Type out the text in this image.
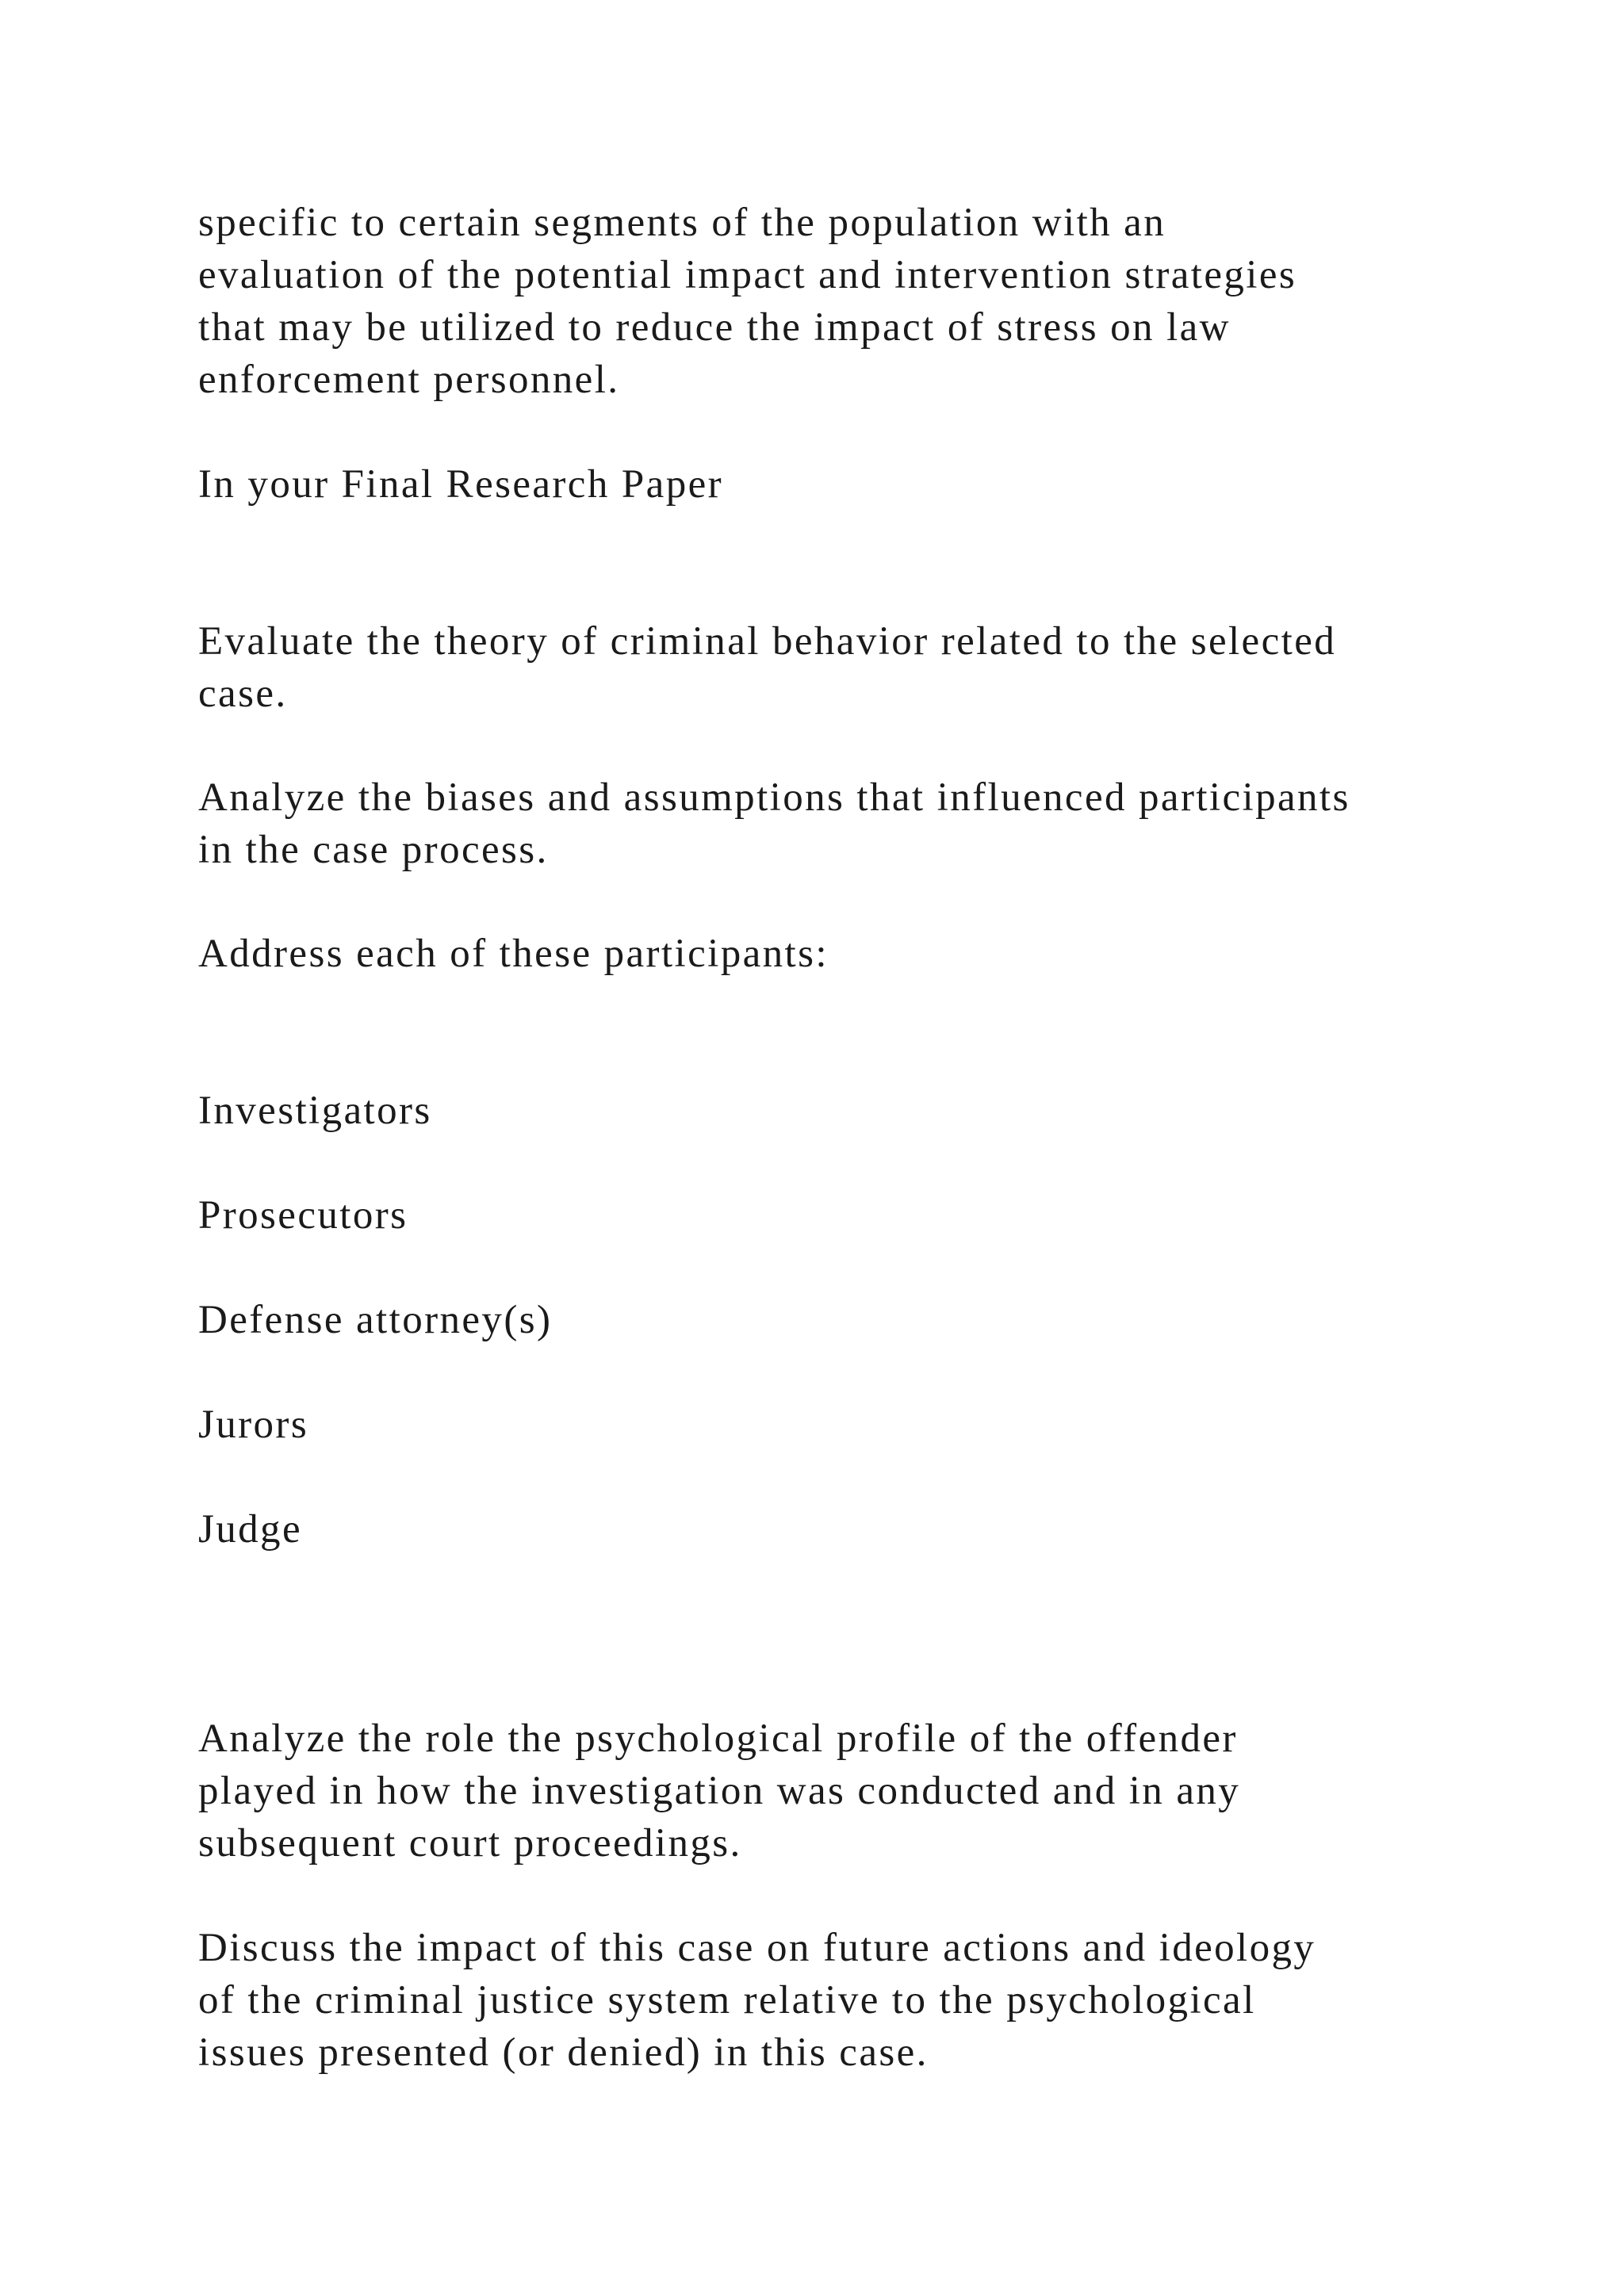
specific to certain segments of the population with an

evaluation of the potential impact and intervention strategies

that may be utilized to reduce the impact of stress on law

enforcement personnel.

In your Final Research Paper

Evaluate the theory of criminal behavior related to the selected

case.

Analyze the biases and assumptions that influenced participants

in the case process.

Address each of these participants:

Investigators

Prosecutors

Defense attorney(s)

Jurors

Judge

Analyze the role the psychological profile of the offender

played in how the investigation was conducted and in any

subsequent court proceedings.

Discuss the impact of this case on future actions and ideology

of the criminal justice system relative to the psychological

issues presented (or denied) in this case.
